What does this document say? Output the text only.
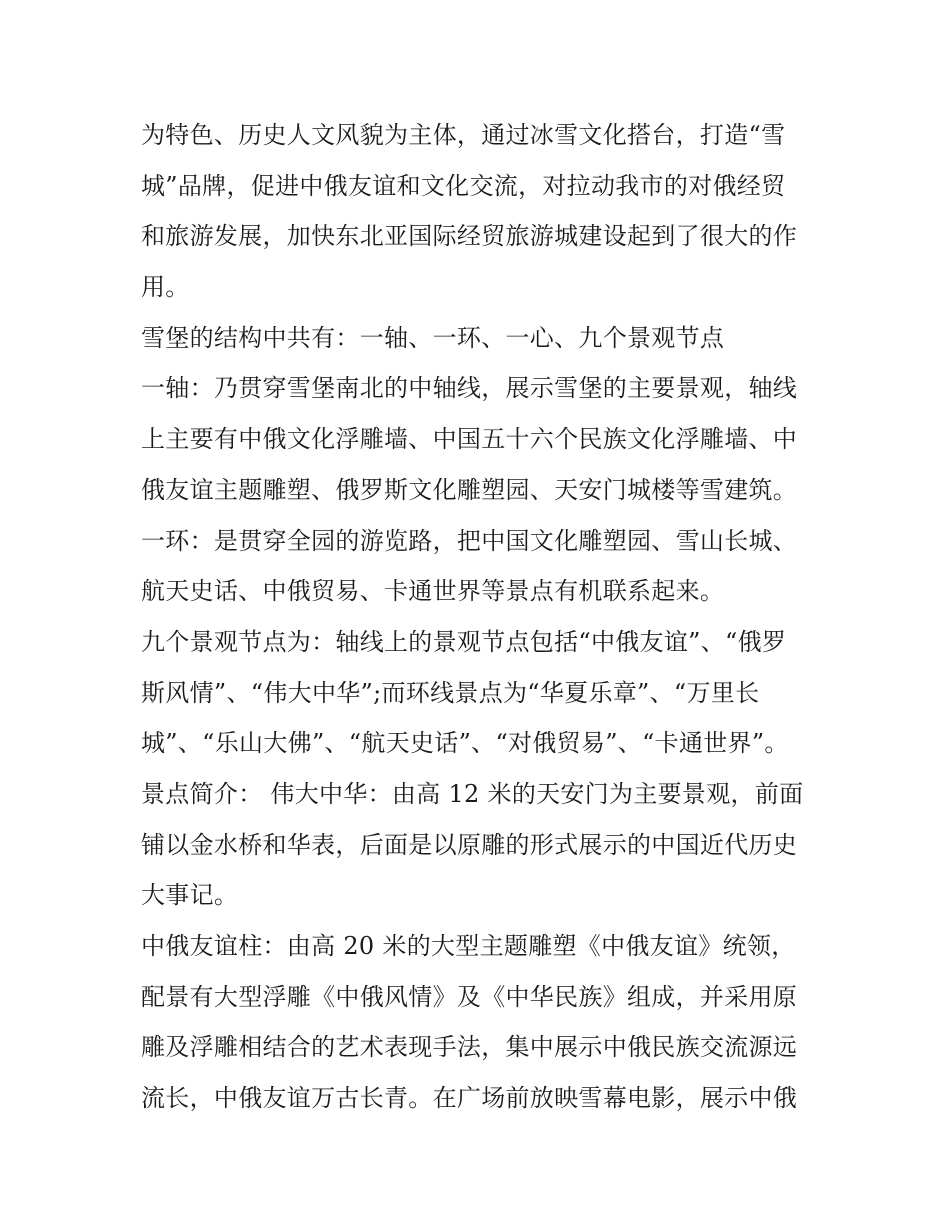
为特色、历史人文风貌为主体，通过冰雪文化搭台，打造“雪
城”品牌，促进中俄友谊和文化交流，对拉动我市的对俄经贸
和旅游发展，加快东北亚国际经贸旅游城建设起到了很大的作
用。
雪堡的结构中共有：一轴、一环、一心、九个景观节点
一轴：乃贯穿雪堡南北的中轴线，展示雪堡的主要景观，轴线
上主要有中俄文化浮雕墙、中国五十六个民族文化浮雕墙、中
俄友谊主题雕塑、俄罗斯文化雕塑园、天安门城楼等雪建筑。
一环：是贯穿全园的游览路，把中国文化雕塑园、雪山长城、
航天史话、中俄贸易、卡通世界等景点有机联系起来。
九个景观节点为：轴线上的景观节点包括“中俄友谊”、“俄罗
斯风情”、“伟大中华”;而环线景点为“华夏乐章”、“万里长
城”、“乐山大佛”、“航天史话”、“对俄贸易”、“卡通世界”。
景点简介： 伟大中华：由高 12 米的天安门为主要景观，前面
铺以金水桥和华表，后面是以原雕的形式展示的中国近代历史
大事记。
中俄友谊柱：由高 20 米的大型主题雕塑《中俄友谊》统领，
配景有大型浮雕《中俄风情》及《中华民族》组成，并采用原
雕及浮雕相结合的艺术表现手法，集中展示中俄民族交流源远
流长，中俄友谊万古长青。在广场前放映雪幕电影，展示中俄
